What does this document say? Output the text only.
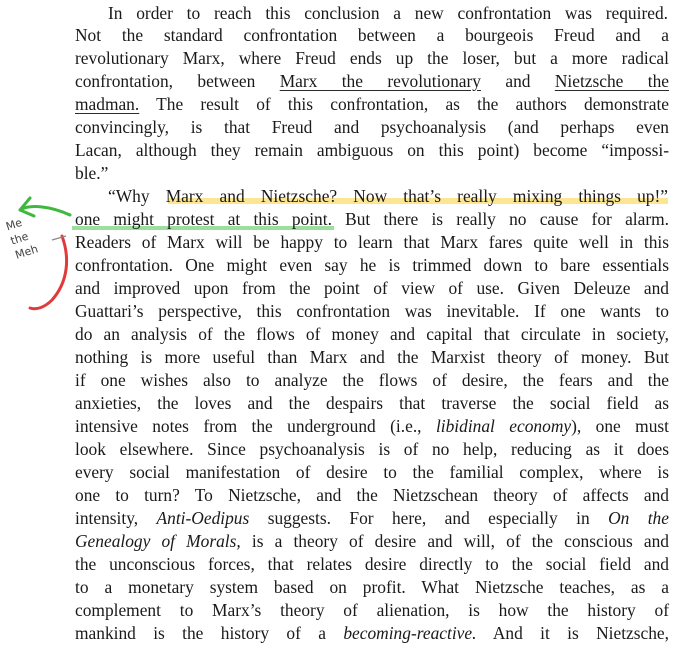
In order to reach this conclusion a new confrontation was required.
Not the standard confrontation between a bourgeois Freud and a
revolutionary Marx, where Freud ends up the loser, but a more radical
confrontation, between Marx the revolutionary and Nietzsche the
madman. The result of this confrontation, as the authors demonstrate
convincingly, is that Freud and psychoanalysis (and perhaps even
Lacan, although they remain ambiguous on this point) become “impossi-
ble.”
“Why Marx and Nietzsche? Now that’s really mixing things up!”
one might protest at this point. But there is really no cause for alarm.
Readers of Marx will be happy to learn that Marx fares quite well in this
confrontation. One might even say he is trimmed down to bare essentials
and improved upon from the point of view of use. Given Deleuze and
Guattari’s perspective, this confrontation was inevitable. If one wants to
do an analysis of the flows of money and capital that circulate in society,
nothing is more useful than Marx and the Marxist theory of money. But
if one wishes also to analyze the flows of desire, the fears and the
anxieties, the loves and the despairs that traverse the social field as
intensive notes from the underground (i.e., libidinal economy), one must
look elsewhere. Since psychoanalysis is of no help, reducing as it does
every social manifestation of desire to the familial complex, where is
one to turn? To Nietzsche, and the Nietzschean theory of affects and
intensity, Anti-Oedipus suggests. For here, and especially in On the
Genealogy of Morals, is a theory of desire and will, of the conscious and
the unconscious forces, that relates desire directly to the social field and
to a monetary system based on profit. What Nietzsche teaches, as a
complement to Marx’s theory of alienation, is how the history of
mankind is the history of a becoming-reactive. And it is Nietzsche,
Me
the
Meh
